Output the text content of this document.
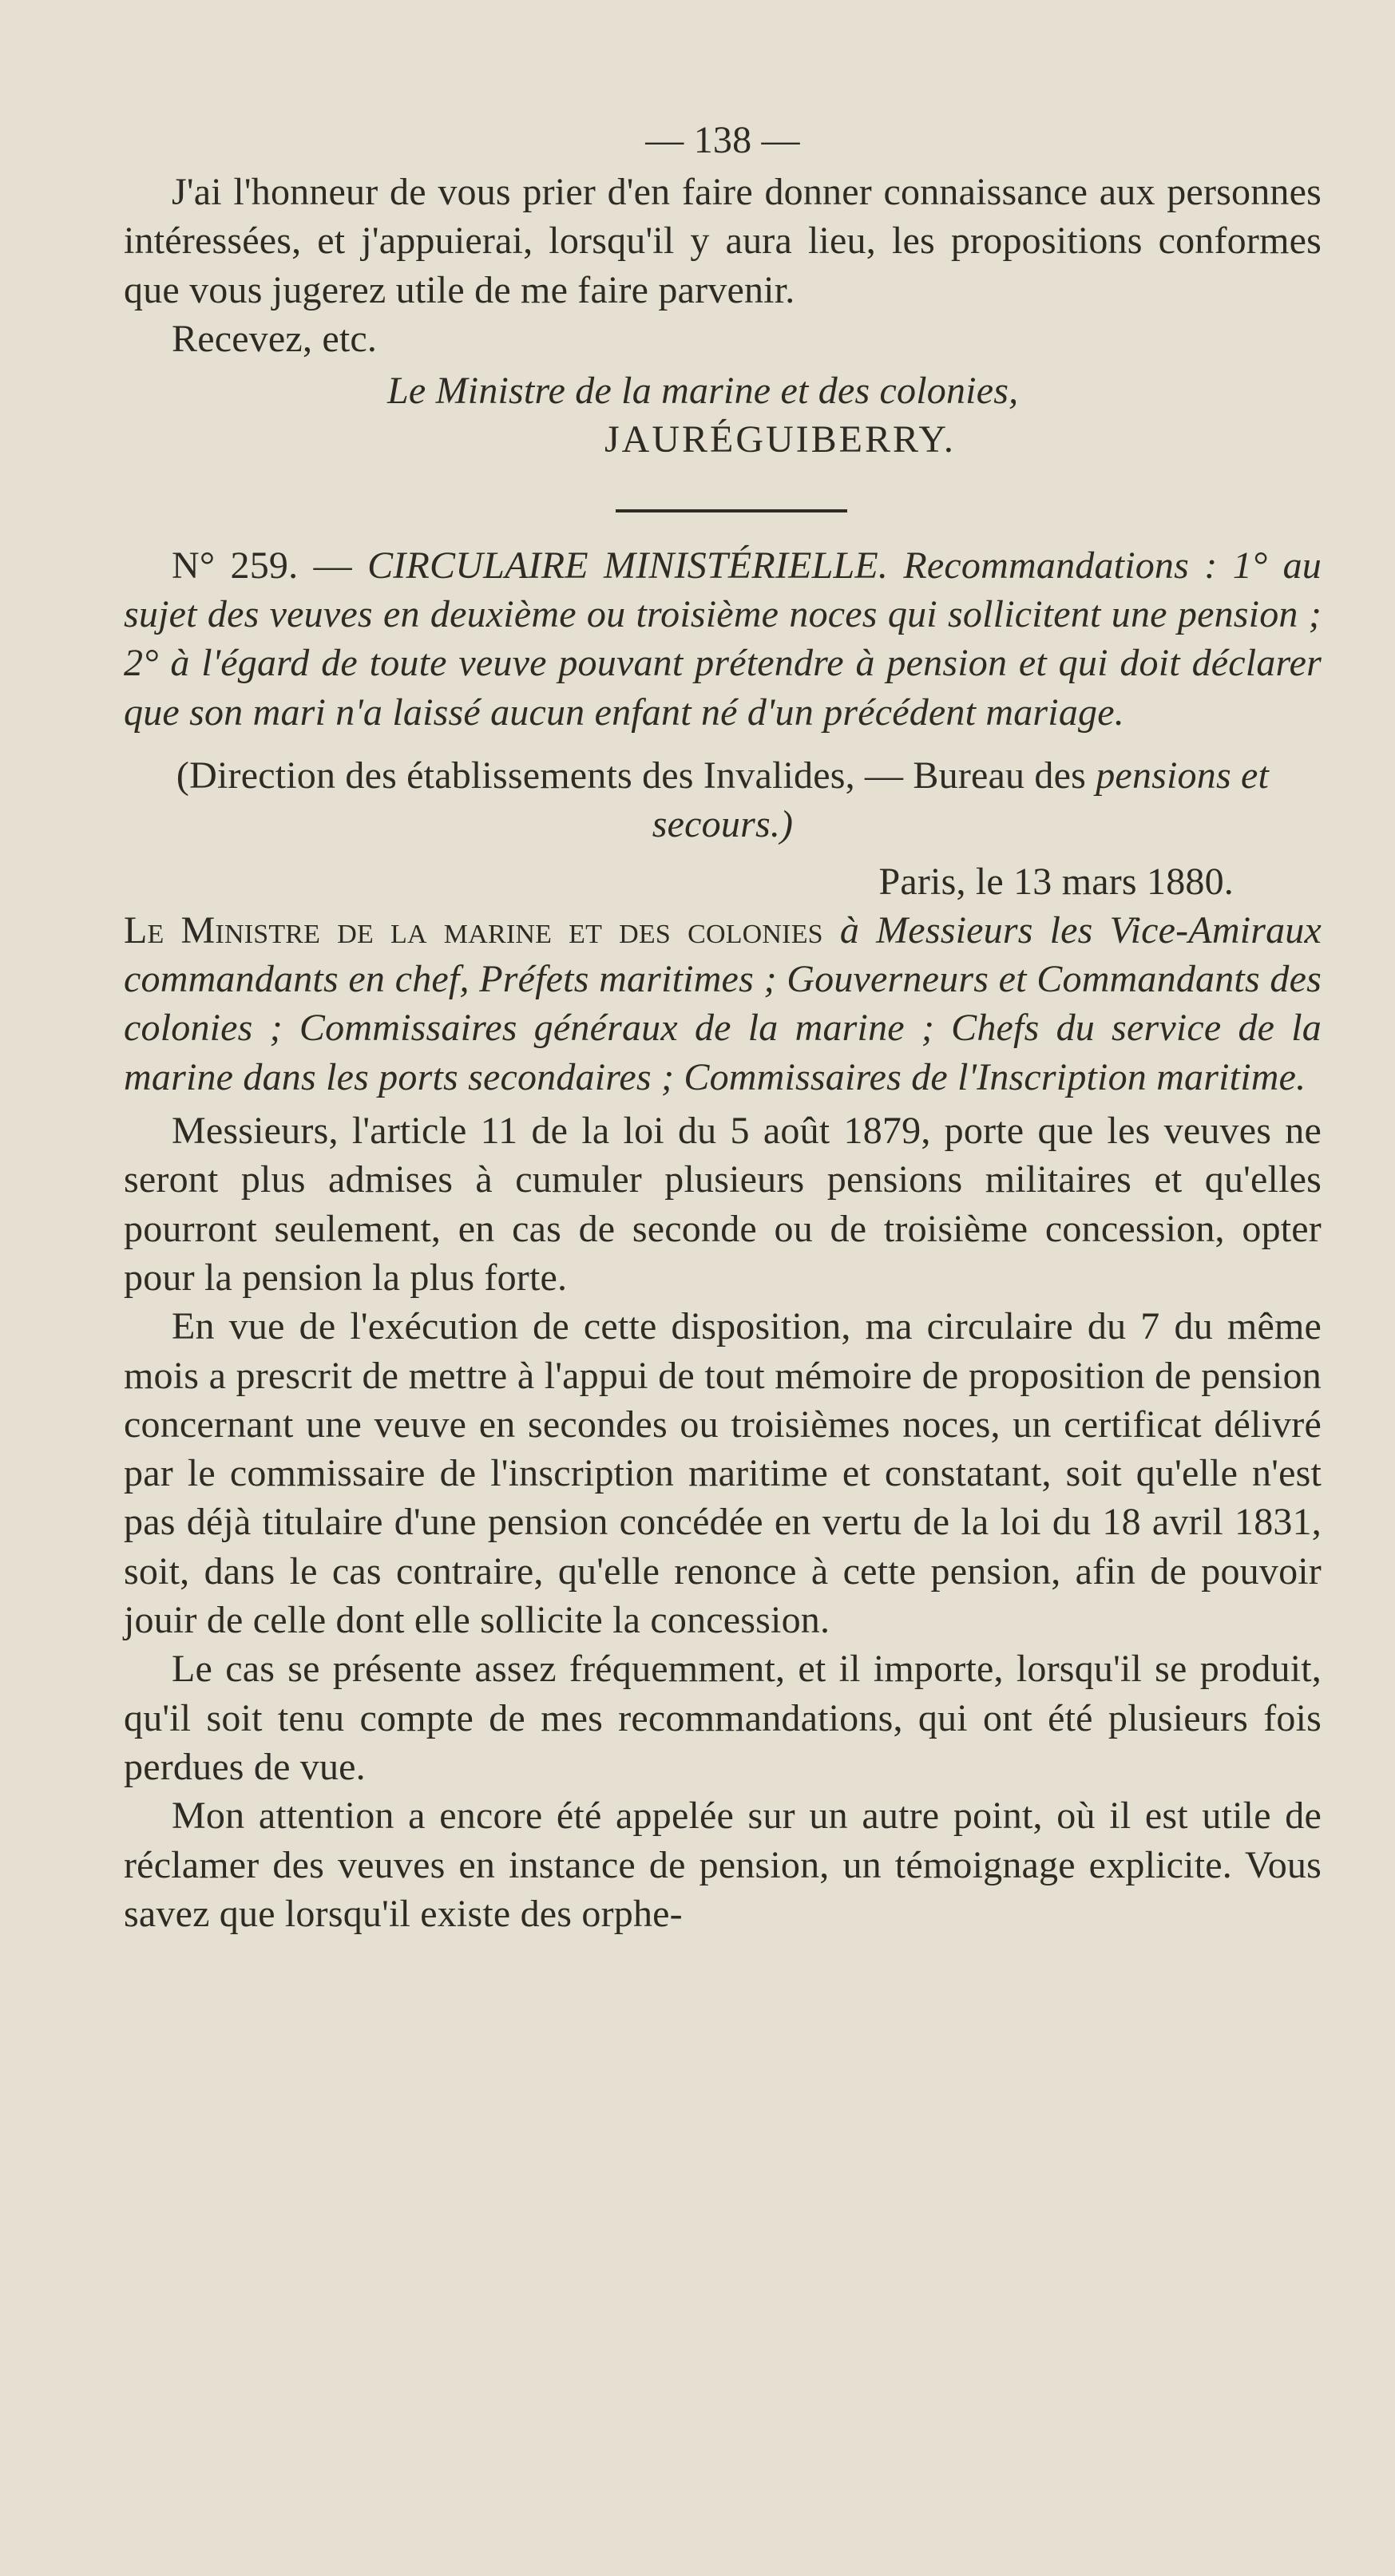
— 138 —

J'ai l'honneur de vous prier d'en faire donner connaissance aux personnes intéressées, et j'appuierai, lorsqu'il y aura lieu, les propositions conformes que vous jugerez utile de me faire parvenir.

Recevez, etc.

Le Ministre de la marine et des colonies,

JAURÉGUIBERRY.

N° 259. — CIRCULAIRE MINISTÉRIELLE. Recommandations : 1° au sujet des veuves en deuxième ou troisième noces qui sollicitent une pension ; 2° à l'égard de toute veuve pouvant prétendre à pension et qui doit déclarer que son mari n'a laissé aucun enfant né d'un précédent mariage.

(Direction des établissements des Invalides, — Bureau des pensions et secours.)

Paris, le 13 mars 1880.

Le Ministre de la marine et des colonies à Messieurs les Vice-Amiraux commandants en chef, Préfets maritimes ; Gouverneurs et Commandants des colonies ; Commissaires généraux de la marine ; Chefs du service de la marine dans les ports secondaires ; Commissaires de l'Inscription maritime.

Messieurs, l'article 11 de la loi du 5 août 1879, porte que les veuves ne seront plus admises à cumuler plusieurs pensions militaires et qu'elles pourront seulement, en cas de seconde ou de troisième concession, opter pour la pension la plus forte.

En vue de l'exécution de cette disposition, ma circulaire du 7 du même mois a prescrit de mettre à l'appui de tout mémoire de proposition de pension concernant une veuve en secondes ou troisièmes noces, un certificat délivré par le commissaire de l'inscription maritime et constatant, soit qu'elle n'est pas déjà titulaire d'une pension concédée en vertu de la loi du 18 avril 1831, soit, dans le cas contraire, qu'elle renonce à cette pension, afin de pouvoir jouir de celle dont elle sollicite la concession.

Le cas se présente assez fréquemment, et il importe, lorsqu'il se produit, qu'il soit tenu compte de mes recommandations, qui ont été plusieurs fois perdues de vue.

Mon attention a encore été appelée sur un autre point, où il est utile de réclamer des veuves en instance de pension, un témoignage explicite. Vous savez que lorsqu'il existe des orphe-
